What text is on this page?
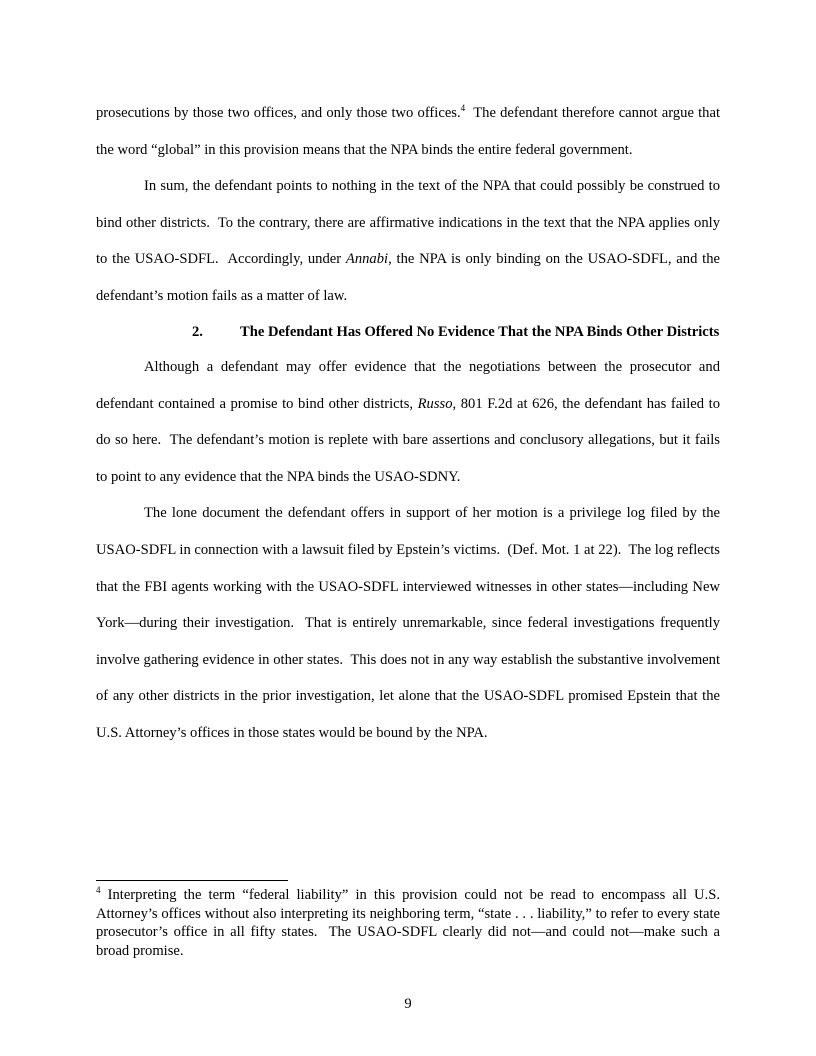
prosecutions by those two offices, and only those two offices.$^4$  The defendant therefore cannot argue that the word “global” in this provision means that the NPA binds the entire federal government.

In sum, the defendant points to nothing in the text of the NPA that could possibly be construed to bind other districts.  To the contrary, there are affirmative indications in the text that the NPA applies only to the USAO-SDFL.  Accordingly, under Annabi, the NPA is only binding on the USAO-SDFL, and the defendant’s motion fails as a matter of law.

2.	The Defendant Has Offered No Evidence That the NPA Binds Other Districts

Although a defendant may offer evidence that the negotiations between the prosecutor and defendant contained a promise to bind other districts, Russo, 801 F.2d at 626, the defendant has failed to do so here.  The defendant’s motion is replete with bare assertions and conclusory allegations, but it fails to point to any evidence that the NPA binds the USAO-SDNY.

The lone document the defendant offers in support of her motion is a privilege log filed by the USAO-SDFL in connection with a lawsuit filed by Epstein’s victims.  (Def. Mot. 1 at 22).  The log reflects that the FBI agents working with the USAO-SDFL interviewed witnesses in other states—including New York—during their investigation.  That is entirely unremarkable, since federal investigations frequently involve gathering evidence in other states.  This does not in any way establish the substantive involvement of any other districts in the prior investigation, let alone that the USAO-SDFL promised Epstein that the U.S. Attorney’s offices in those states would be bound by the NPA.

$^4$ Interpreting the term “federal liability” in this provision could not be read to encompass all U.S. Attorney’s offices without also interpreting its neighboring term, “state . . . liability,” to refer to every state prosecutor’s office in all fifty states.  The USAO-SDFL clearly did not—and could not—make such a broad promise.
9
